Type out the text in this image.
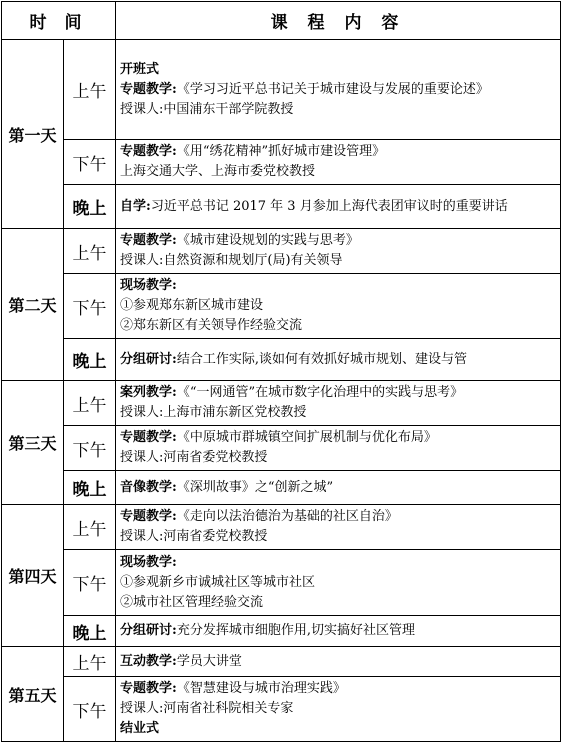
时 间		课 程 内 容
第一天	上午	开班式
专题教学:《学习习近平总书记关于城市建设与发展的重要论述》
授课人:中国浦东干部学院教授

	下午	专题教学:《用“绣花精神”抓好城市建设管理》
上海交通大学、上海市委党校教授

	晚上	自学:习近平总书记 2017 年 3 月参加上海代表团审议时的重要讲话

第二天	上午	专题教学:《城市建设规划的实践与思考》
授课人:自然资源和规划厅(局)有关领导

	下午	现场教学:
①参观郑东新区城市建设
②郑东新区有关领导作经验交流

	晚上	分组研讨:结合工作实际,谈如何有效抓好城市规划、建设与管

第三天	上午	案列教学:《“一网通管”在城市数字化治理中的实践与思考》
授课人:上海市浦东新区党校教授

	下午	专题教学:《中原城市群城镇空间扩展机制与优化布局》
授课人:河南省委党校教授

	晚上	音像教学:《深圳故事》之“创新之城”

第四天	上午	专题教学:《走向以法治德治为基础的社区自治》
授课人:河南省委党校教授

	下午	现场教学:
①参观新乡市诚城社区等城市社区
②城市社区管理经验交流

	晚上	分组研讨:充分发挥城市细胞作用,切实搞好社区管理

第五天	上午	互动教学:学员大讲堂

	下午	专题教学:《智慧建设与城市治理实践》
授课人:河南省社科院相关专家
结业式
